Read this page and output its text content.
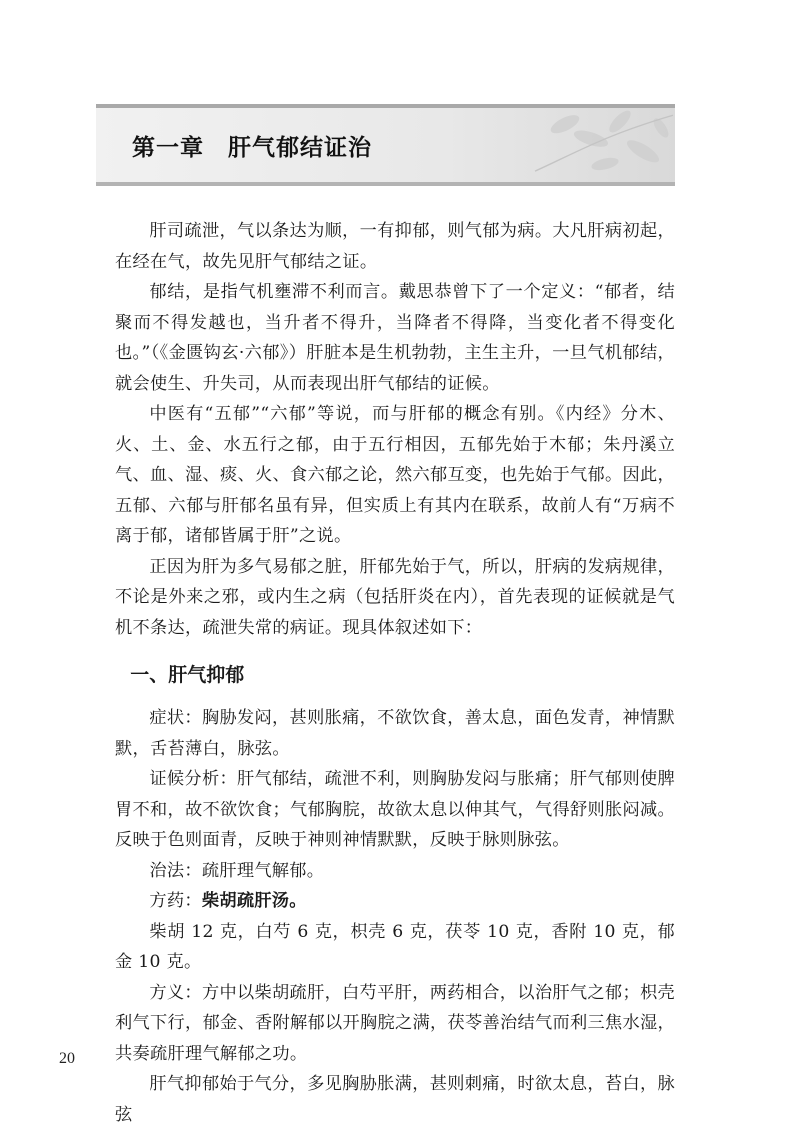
第一章　肝气郁结证治

肝司疏泄，气以条达为顺，一有抑郁，则气郁为病。大凡肝病初起，在经在气，故先见肝气郁结之证。

郁结，是指气机壅滞不利而言。戴思恭曾下了一个定义：“郁者，结聚而不得发越也，当升者不得升，当降者不得降，当变化者不得变化也。”（《金匮钩玄·六郁》）肝脏本是生机勃勃，主生主升，一旦气机郁结，就会使生、升失司，从而表现出肝气郁结的证候。

中医有“五郁”“六郁”等说，而与肝郁的概念有别。《内经》分木、火、土、金、水五行之郁，由于五行相因，五郁先始于木郁；朱丹溪立气、血、湿、痰、火、食六郁之论，然六郁互变，也先始于气郁。因此，五郁、六郁与肝郁名虽有异，但实质上有其内在联系，故前人有“万病不离于郁，诸郁皆属于肝”之说。

正因为肝为多气易郁之脏，肝郁先始于气，所以，肝病的发病规律，不论是外来之邪，或内生之病（包括肝炎在内），首先表现的证候就是气机不条达，疏泄失常的病证。现具体叙述如下：

一、肝气抑郁

症状：胸胁发闷，甚则胀痛，不欲饮食，善太息，面色发青，神情默默，舌苔薄白，脉弦。

证候分析：肝气郁结，疏泄不利，则胸胁发闷与胀痛；肝气郁则使脾胃不和，故不欲饮食；气郁胸脘，故欲太息以伸其气，气得舒则胀闷减。反映于色则面青，反映于神则神情默默，反映于脉则脉弦。

治法：疏肝理气解郁。

方药：柴胡疏肝汤。

柴胡 12 克，白芍 6 克，枳壳 6 克，茯苓 10 克，香附 10 克，郁金 10 克。

方义：方中以柴胡疏肝，白芍平肝，两药相合，以治肝气之郁；枳壳利气下行，郁金、香附解郁以开胸脘之满，茯苓善治结气而利三焦水湿，共奏疏肝理气解郁之功。

肝气抑郁始于气分，多见胸胁胀满，甚则刺痛，时欲太息，苔白，脉弦

20
